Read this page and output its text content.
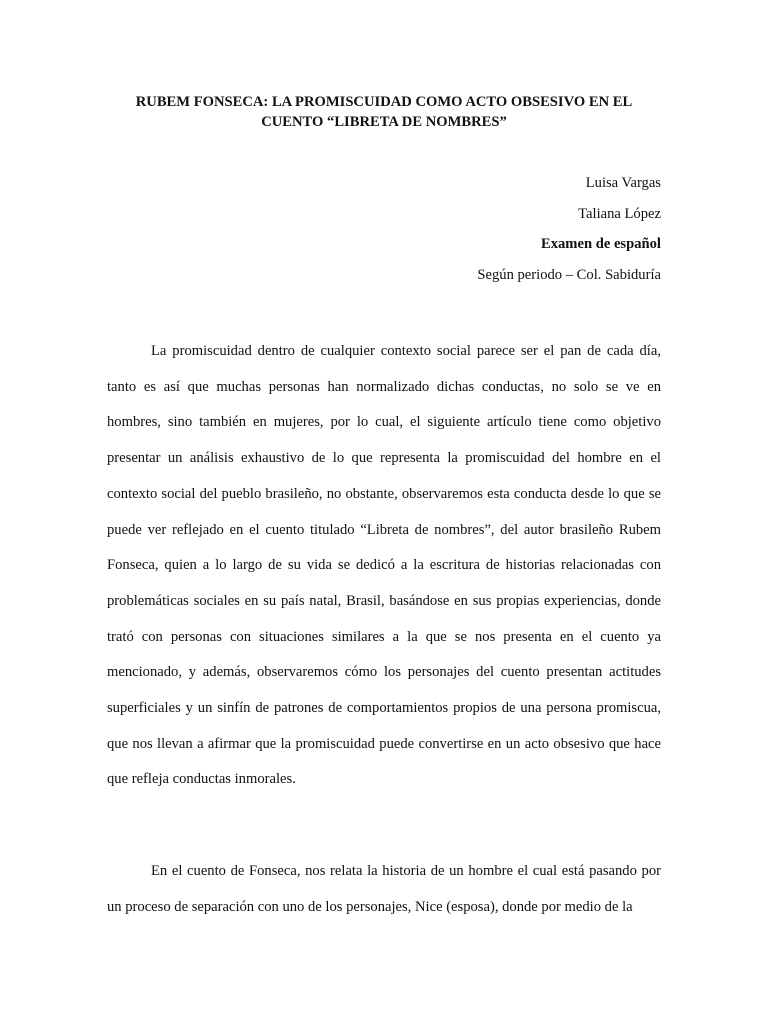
RUBEM FONSECA: LA PROMISCUIDAD COMO ACTO OBSESIVO EN EL CUENTO “LIBRETA DE NOMBRES”
Luisa Vargas
Taliana López
Examen de español
Según periodo – Col. Sabiduría

La promiscuidad dentro de cualquier contexto social parece ser el pan de cada día, tanto es así que muchas personas han normalizado dichas conductas, no solo se ve en hombres, sino también en mujeres, por lo cual, el siguiente artículo tiene como objetivo presentar un análisis exhaustivo de lo que representa la promiscuidad del hombre en el contexto social del pueblo brasileño, no obstante, observaremos esta conducta desde lo que se puede ver reflejado en el cuento titulado “Libreta de nombres”, del autor brasileño Rubem Fonseca, quien a lo largo de su vida se dedicó a la escritura de historias relacionadas con problemáticas sociales en su país natal, Brasil, basándose en sus propias experiencias, donde trató con personas con situaciones similares a la que se nos presenta en el cuento ya mencionado, y además, observaremos cómo los personajes del cuento presentan actitudes superficiales y un sinfín de patrones de comportamientos propios de una persona promiscua, que nos llevan a afirmar que la promiscuidad puede convertirse en un acto obsesivo que hace que refleja conductas inmorales.

En el cuento de Fonseca, nos relata la historia de un hombre el cual está pasando por un proceso de separación con uno de los personajes, Nice (esposa), donde por medio de la
